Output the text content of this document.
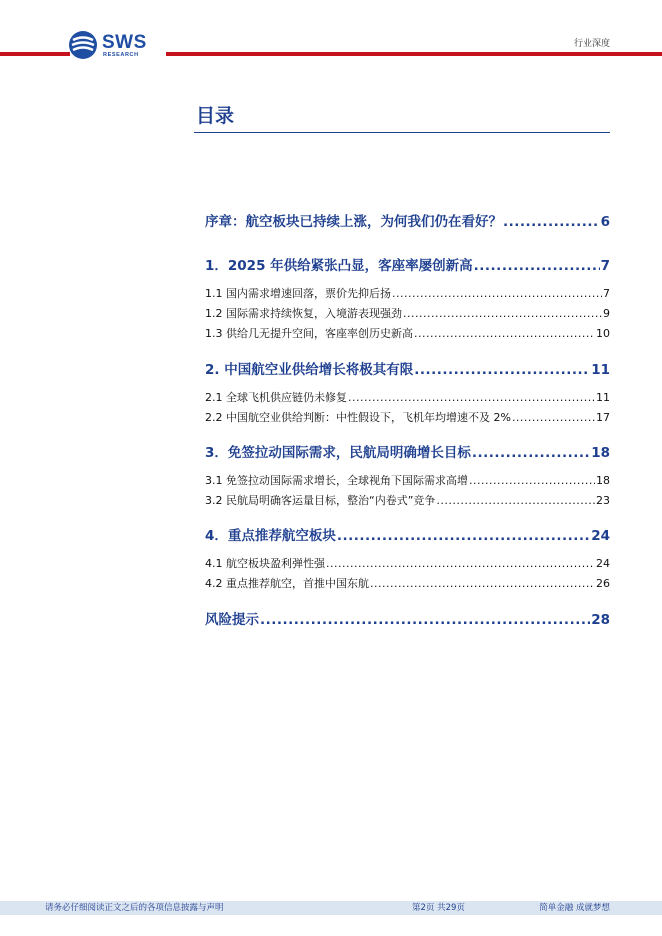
SWS
RESEARCH
行业深度
目录
序章：航空板块已持续上涨，为何我们仍在看好？ .....	6
1．2025 年供给紧张凸显，客座率屡创新高 .....	7
1.1 国内需求增速回落，票价先抑后扬 .....	7
1.2 国际需求持续恢复，入境游表现强劲 .....	9
1.3 供给几无提升空间，客座率创历史新高 .....	10
2. 中国航空业供给增长将极其有限 .....	11
2.1 全球飞机供应链仍未修复 .....	11
2.2 中国航空业供给判断：中性假设下，飞机年均增速不及 2% .....	17
3．免签拉动国际需求，民航局明确增长目标 .....	18
3.1 免签拉动国际需求增长，全球视角下国际需求高增 .....	18
3.2 民航局明确客运量目标，整治“内卷式”竞争 .....	23
4．重点推荐航空板块 .....	24
4.1 航空板块盈利弹性强 .....	24
4.2 重点推荐航空，首推中国东航 .....	26
风险提示 .....	28
请务必仔细阅读正文之后的各项信息披露与声明	第2页 共29页	简单金融 成就梦想
